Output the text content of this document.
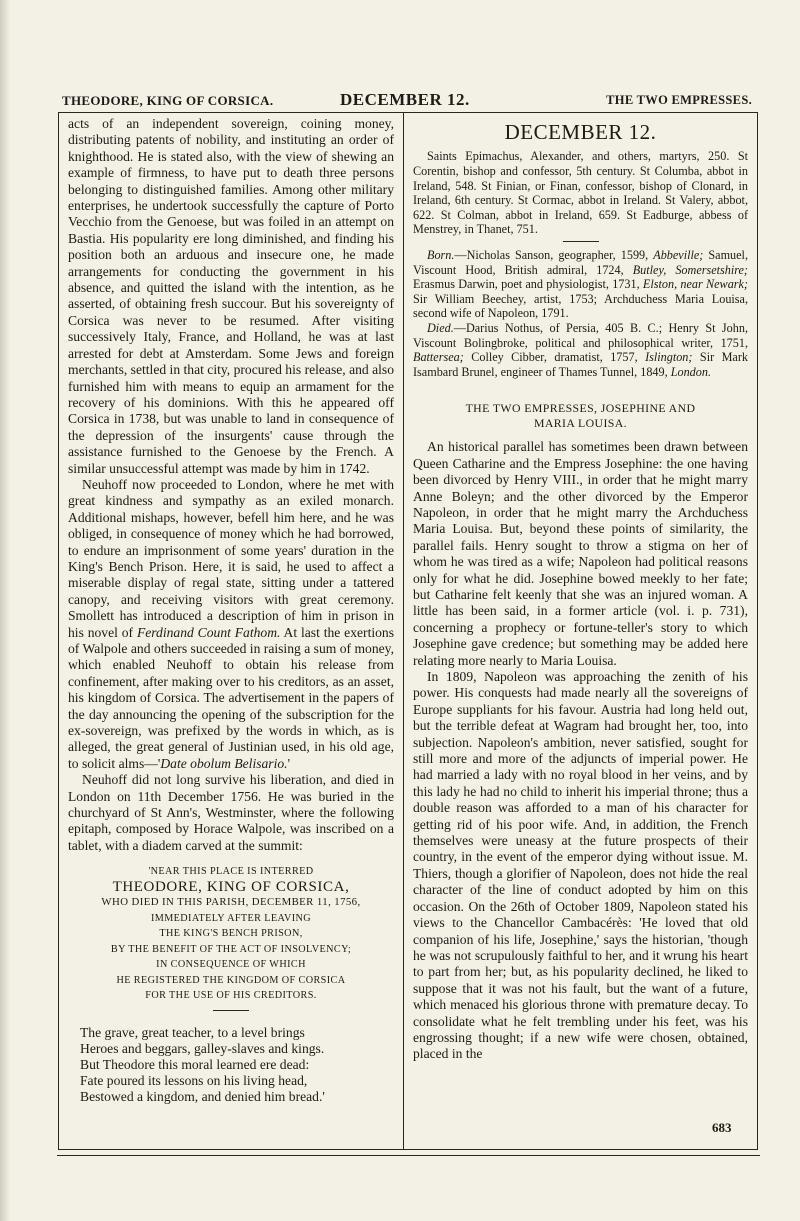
THEODORE, KING OF CORSICA.	DECEMBER 12.	THE TWO EMPRESSES.

acts of an independent sovereign, coining money, distributing patents of nobility, and instituting an order of knighthood. He is stated also, with the view of shewing an example of firmness, to have put to death three persons belonging to distinguished families. Among other military enterprises, he undertook successfully the capture of Porto Vecchio from the Genoese, but was foiled in an attempt on Bastia. His popularity ere long diminished, and finding his position both an arduous and insecure one, he made arrangements for conducting the government in his absence, and quitted the island with the intention, as he asserted, of obtaining fresh succour. But his sovereignty of Corsica was never to be resumed. After visiting successively Italy, France, and Holland, he was at last arrested for debt at Amsterdam. Some Jews and foreign merchants, settled in that city, procured his release, and also furnished him with means to equip an armament for the recovery of his dominions. With this he appeared off Corsica in 1738, but was unable to land in consequence of the depression of the insurgents' cause through the assistance furnished to the Genoese by the French. A similar unsuccessful attempt was made by him in 1742.

Neuhoff now proceeded to London, where he met with great kindness and sympathy as an exiled monarch. Additional mishaps, however, befell him here, and he was obliged, in consequence of money which he had borrowed, to endure an imprisonment of some years' duration in the King's Bench Prison. Here, it is said, he used to affect a miserable display of regal state, sitting under a tattered canopy, and receiving visitors with great ceremony. Smollett has introduced a description of him in prison in his novel of Ferdinand Count Fathom. At last the exertions of Walpole and others succeeded in raising a sum of money, which enabled Neuhoff to obtain his release from confinement, after making over to his creditors, as an asset, his kingdom of Corsica. The advertisement in the papers of the day announcing the opening of the subscription for the ex-sovereign, was prefixed by the words in which, as is alleged, the great general of Justinian used, in his old age, to solicit alms—'Date obolum Belisario.'

Neuhoff did not long survive his liberation, and died in London on 11th December 1756. He was buried in the churchyard of St Ann's, Westminster, where the following epitaph, composed by Horace Walpole, was inscribed on a tablet, with a diadem carved at the summit:

'NEAR THIS PLACE IS INTERRED
THEODORE, KING OF CORSICA,
WHO DIED IN THIS PARISH, DECEMBER 11, 1756,
IMMEDIATELY AFTER LEAVING
THE KING'S BENCH PRISON,
BY THE BENEFIT OF THE ACT OF INSOLVENCY;
IN CONSEQUENCE OF WHICH
HE REGISTERED THE KINGDOM OF CORSICA
FOR THE USE OF HIS CREDITORS.
The grave, great teacher, to a level brings
Heroes and beggars, galley-slaves and kings.
But Theodore this moral learned ere dead:
Fate poured its lessons on his living head,
Bestowed a kingdom, and denied him bread.'
DECEMBER 12.

Saints Epimachus, Alexander, and others, martyrs, 250. St Corentin, bishop and confessor, 5th century. St Columba, abbot in Ireland, 548. St Finian, or Finan, confessor, bishop of Clonard, in Ireland, 6th century. St Cormac, abbot in Ireland. St Valery, abbot, 622. St Colman, abbot in Ireland, 659. St Eadburge, abbess of Menstrey, in Thanet, 751.

Born.—Nicholas Sanson, geographer, 1599, Abbeville; Samuel, Viscount Hood, British admiral, 1724, Butley, Somersetshire; Erasmus Darwin, poet and physiologist, 1731, Elston, near Newark; Sir William Beechey, artist, 1753; Archduchess Maria Louisa, second wife of Napoleon, 1791.

Died.—Darius Nothus, of Persia, 405 B. C.; Henry St John, Viscount Bolingbroke, political and philosophical writer, 1751, Battersea; Colley Cibber, dramatist, 1757, Islington; Sir Mark Isambard Brunel, engineer of Thames Tunnel, 1849, London.

THE TWO EMPRESSES, JOSEPHINE AND
MARIA LOUISA.

An historical parallel has sometimes been drawn between Queen Catharine and the Empress Josephine: the one having been divorced by Henry VIII., in order that he might marry Anne Boleyn; and the other divorced by the Emperor Napoleon, in order that he might marry the Archduchess Maria Louisa. But, beyond these points of similarity, the parallel fails. Henry sought to throw a stigma on her of whom he was tired as a wife; Napoleon had political reasons only for what he did. Josephine bowed meekly to her fate; but Catharine felt keenly that she was an injured woman. A little has been said, in a former article (vol. i. p. 731), concerning a prophecy or fortune-teller's story to which Josephine gave credence; but something may be added here relating more nearly to Maria Louisa.

In 1809, Napoleon was approaching the zenith of his power. His conquests had made nearly all the sovereigns of Europe suppliants for his favour. Austria had long held out, but the terrible defeat at Wagram had brought her, too, into subjection. Napoleon's ambition, never satisfied, sought for still more and more of the adjuncts of imperial power. He had married a lady with no royal blood in her veins, and by this lady he had no child to inherit his imperial throne; thus a double reason was afforded to a man of his character for getting rid of his poor wife. And, in addition, the French themselves were uneasy at the future prospects of their country, in the event of the emperor dying without issue. M. Thiers, though a glorifier of Napoleon, does not hide the real character of the line of conduct adopted by him on this occasion. On the 26th of October 1809, Napoleon stated his views to the Chancellor Cambacérès: 'He loved that old companion of his life, Josephine,' says the historian, 'though he was not scrupulously faithful to her, and it wrung his heart to part from her; but, as his popularity declined, he liked to suppose that it was not his fault, but the want of a future, which menaced his glorious throne with premature decay. To consolidate what he felt trembling under his feet, was his engrossing thought; if a new wife were chosen, obtained, placed in the

683
